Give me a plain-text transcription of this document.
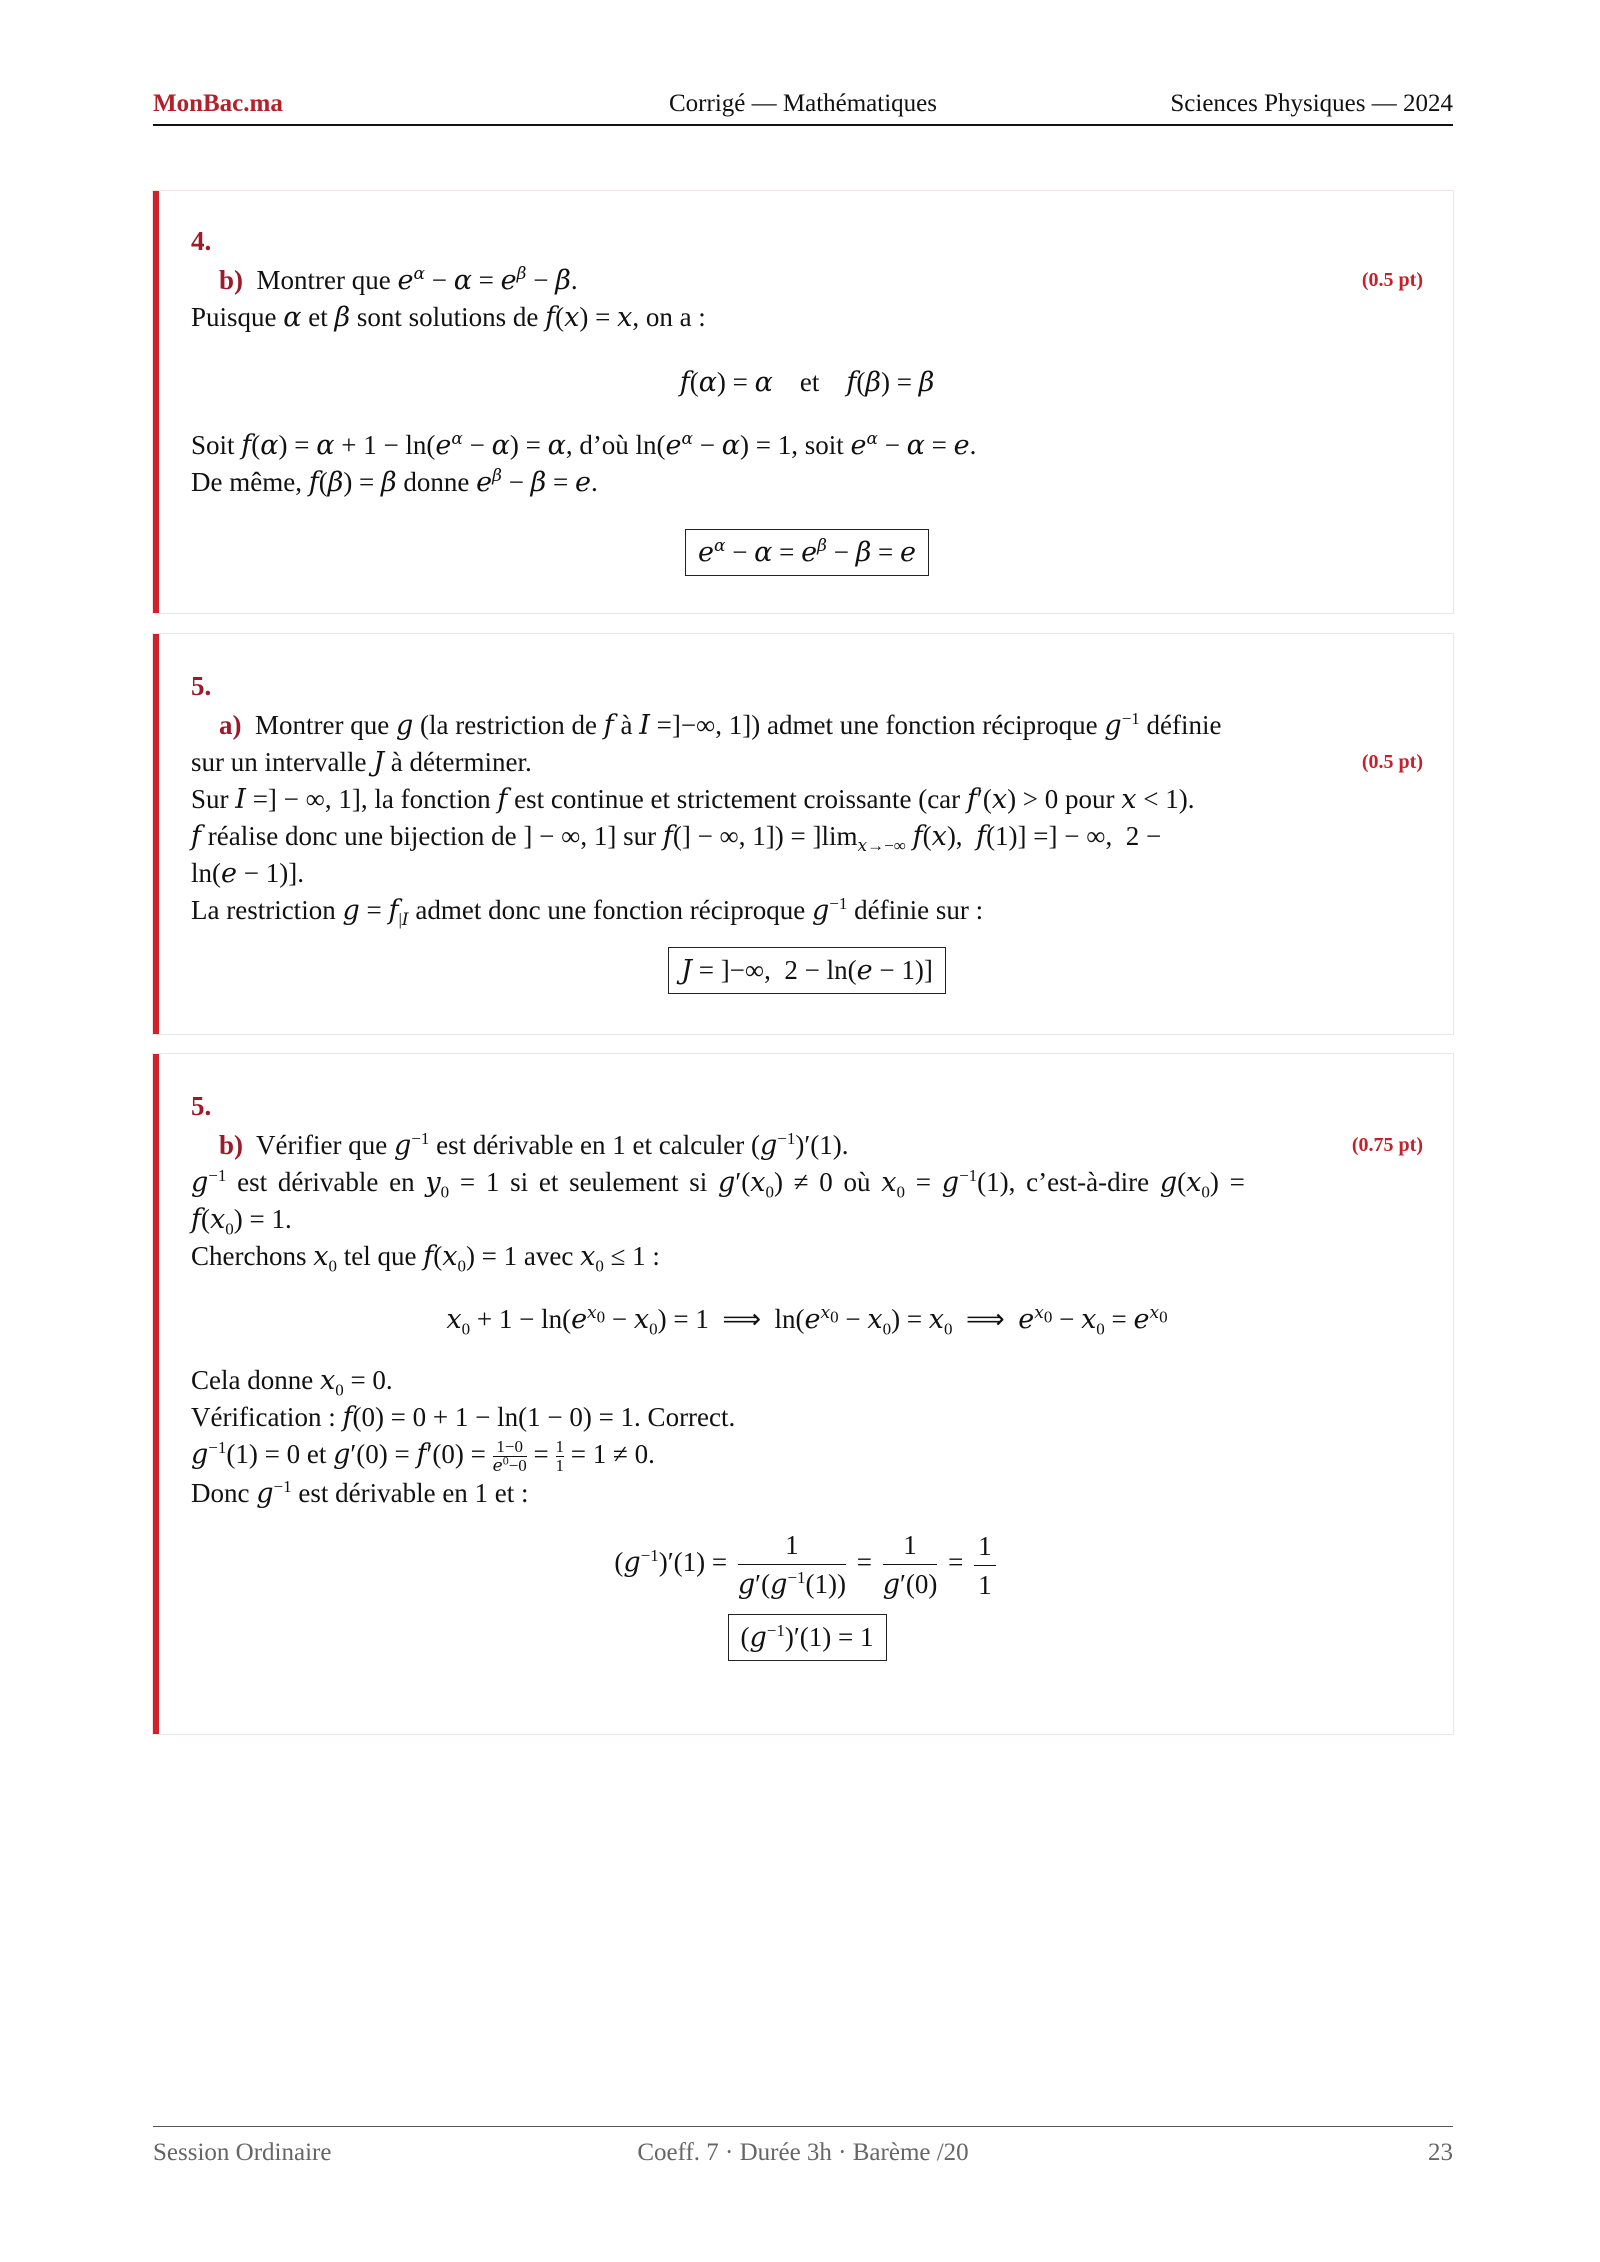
MonBac.ma	Corrigé — Mathématiques	Sciences Physiques — 2024
4.
b)  Montrer que $e^\alpha - \alpha = e^\beta - \beta$.	(0.5 pt)
Puisque α et β sont solutions de f(x) = x, on a :
f(α) = α    et    f(β) = β
Soit $f(\alpha) = \alpha + 1 - \ln(e^\alpha - \alpha) = \alpha$, d’où $\ln(e^\alpha - \alpha) = 1$, soit $e^\alpha - \alpha = e$.
De même, f(β) = β donne $e^\beta - \beta = e$.
$e^\alpha - \alpha = e^\beta - \beta = e$
5.
a)  Montrer que g (la restriction de f à I =]−∞, 1]) admet une fonction réciproque $g^{-1}$ définie
sur un intervalle J à déterminer.	(0.5 pt)
Sur I =] − ∞, 1], la fonction f est continue et strictement croissante (car f′(x) > 0 pour x < 1).
f réalise donc une bijection de ] − ∞, 1] sur f(] − ∞, $1]) = ]\lim_{x\to-\infty}$ f(x),  f(1)] =] − ∞,  2 −
ln(e − 1)].
La restriction $g = f_{|I}$ admet donc une fonction réciproque $g^{-1}$ définie sur :
J = ]−∞,  2 − ln(e − 1)]
5.
b)  Vérifier que $g^{-1}$ est dérivable en 1 et calculer $(g^{-1})'(1)$.	(0.75 pt)
$g^{-1}$ est dérivable en $y_0 = 1$ si et seulement si $g'(x_0) \ne 0$ où $x_0 = g^{-1}(1)$, c’est-à-dire $g(x_0)$ =
$f(x_0) = 1$.
Cherchons $x_0$ tel que $f(x_0) = 1$ avec $x_0 \le 1$ :
$x_0 + 1 - \ln(e^{x_0} - x_0) = 1$  ⟹  $\ln(e^{x_0} - x_0) = x_0$  ⟹  $e^{x_0} - x_0 = e^{x_0}$
Cela donne $x_0 = 0$.
Vérification : f(0) = 0 + 1 − ln(1 − 0) = 1. Correct.
$g^{-1}(1) = 0$ et $g'(0) = f'(0) = \frac{1-0}{e^0-0} = \frac{1}{1} = 1 \ne 0$.
Donc $g^{-1}$ est dérivable en 1 et :
$(g^{-1})'(1) = \frac{1}{g'(g^{-1}(1))} = \frac{1}{g'(0)} = \frac{1}{1}$
$(g^{-1})'(1) = 1$
Session Ordinaire	Coeff. 7 · Durée 3h · Barème /20	23
